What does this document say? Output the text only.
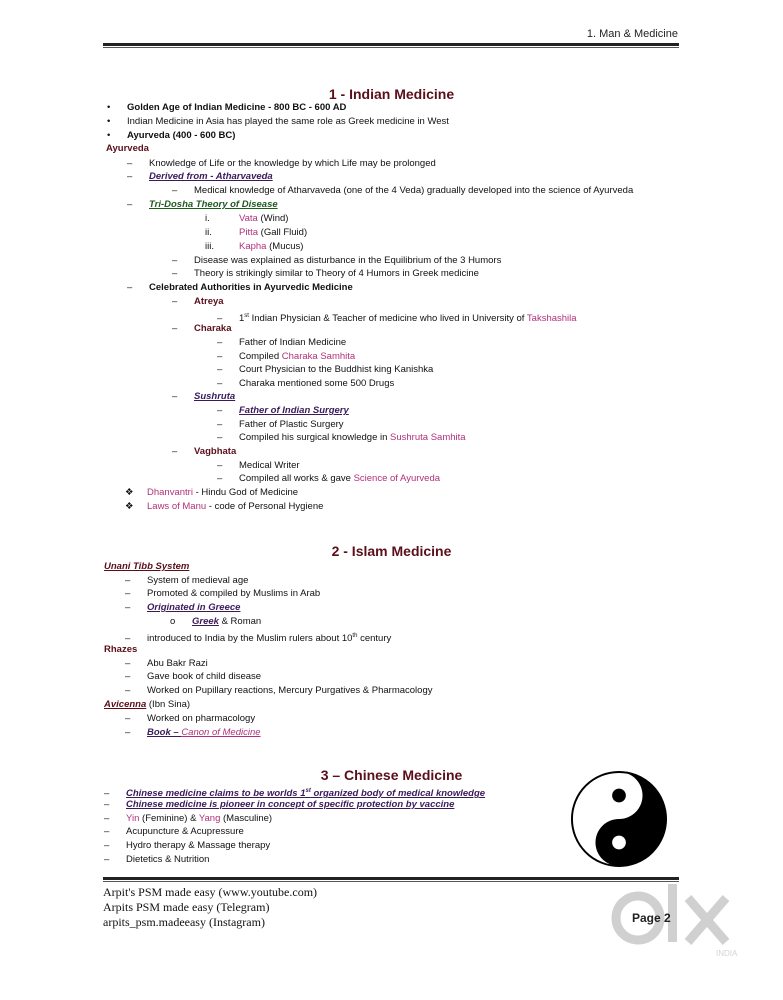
1. Man & Medicine
1 - Indian Medicine
• Golden Age of Indian Medicine - 800 BC - 600 AD
• Indian Medicine in Asia has played the same role as Greek medicine in West
• Ayurveda (400 - 600 BC)
Ayurveda
– Knowledge of Life or the knowledge by which Life may be prolonged
– Derived from - Atharvaveda
– Medical knowledge of Atharvaveda (one of the 4 Veda) gradually developed into the science of Ayurveda
– Tri-Dosha Theory of Disease
i.	Vata (Wind)
ii.	Pitta (Gall Fluid)
iii.	Kapha (Mucus)
– Disease was explained as disturbance in the Equilibrium of the 3 Humors
– Theory is strikingly similar to Theory of 4 Humors in Greek medicine
– Celebrated Authorities in Ayurvedic Medicine
– Atreya
– 1st Indian Physician & Teacher of medicine who lived in University of Takshashila
– Charaka
– Father of Indian Medicine
– Compiled Charaka Samhita
– Court Physician to the Buddhist king Kanishka
– Charaka mentioned some 500 Drugs
– Sushruta
– Father of Indian Surgery
– Father of Plastic Surgery
– Compiled his surgical knowledge in Sushruta Samhita
– Vagbhata
– Medical Writer
– Compiled all works & gave Science of Ayurveda
❖ Dhanvantri - Hindu God of Medicine
❖ Laws of Manu - code of Personal Hygiene
2 - Islam Medicine
Unani Tibb System
– System of medieval age
– Promoted & compiled by Muslims in Arab
– Originated in Greece
o Greek & Roman
– introduced to India by the Muslim rulers about 10th century
Rhazes
– Abu Bakr Razi
– Gave book of child disease
– Worked on Pupillary reactions, Mercury Purgatives & Pharmacology
Avicenna (Ibn Sina)
– Worked on pharmacology
– Book – Canon of Medicine
3 – Chinese Medicine
– Chinese medicine claims to be worlds 1st organized body of medical knowledge
– Chinese medicine is pioneer in concept of specific protection by vaccine
– Yin (Feminine) & Yang (Masculine)
– Acupuncture & Acupressure
– Hydro therapy & Massage therapy
– Dietetics & Nutrition
Arpit's PSM made easy (www.youtube.com)
Arpits PSM made easy (Telegram)
arpits_psm.madeeasy (Instagram)	Page 2
INDIA
